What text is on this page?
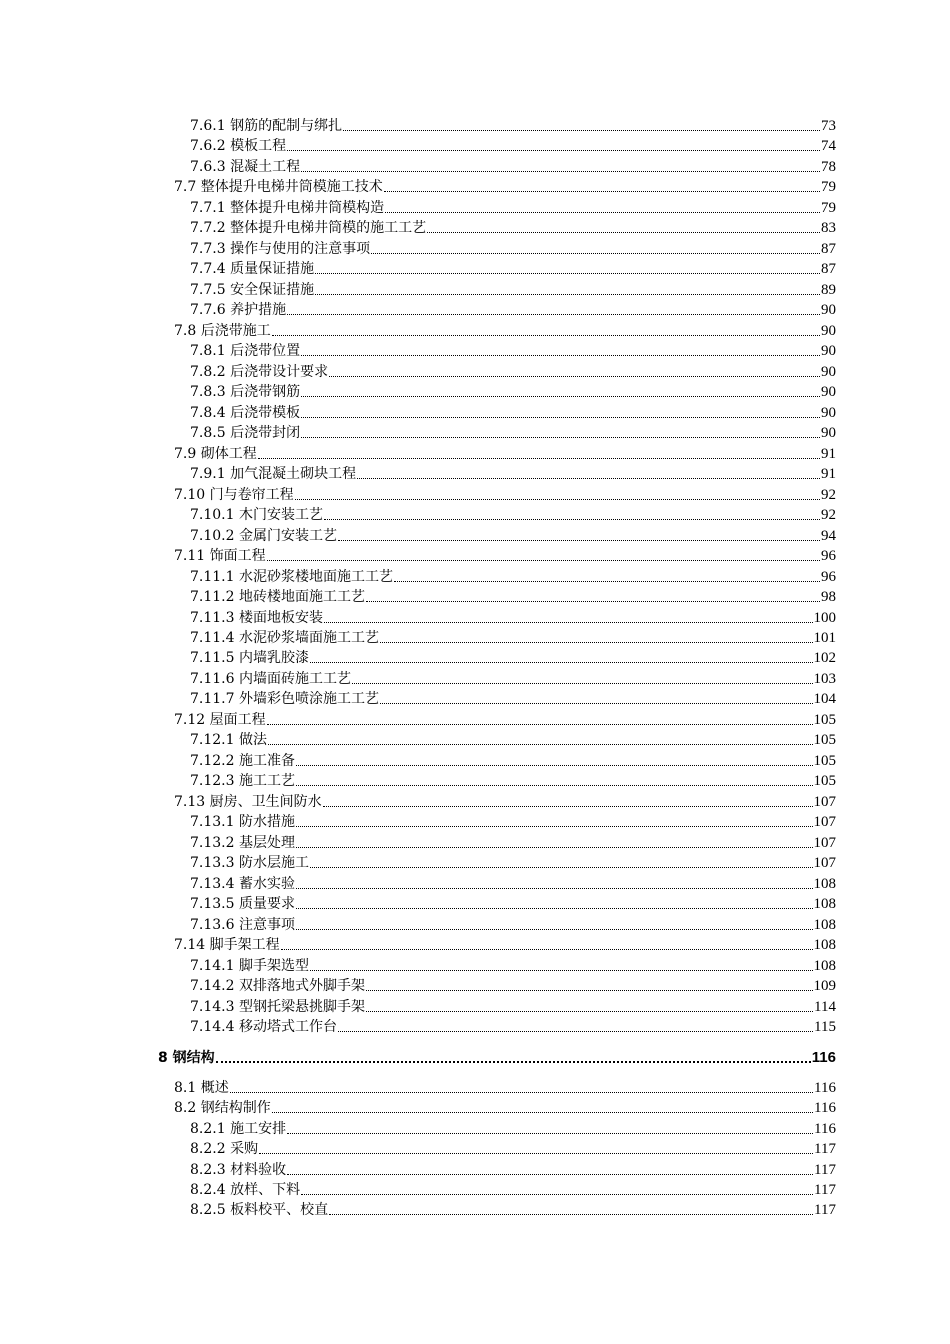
7.6.1 钢筋的配制与绑扎	73
7.6.2 模板工程	74
7.6.3 混凝土工程	78
7.7 整体提升电梯井筒模施工技术	79
7.7.1 整体提升电梯井筒模构造	79
7.7.2 整体提升电梯井筒模的施工工艺	83
7.7.3 操作与使用的注意事项	87
7.7.4 质量保证措施	87
7.7.5 安全保证措施	89
7.7.6 养护措施	90
7.8 后浇带施工	90
7.8.1 后浇带位置	90
7.8.2 后浇带设计要求	90
7.8.3 后浇带钢筋	90
7.8.4 后浇带模板	90
7.8.5 后浇带封闭	90
7.9 砌体工程	91
7.9.1 加气混凝土砌块工程	91
7.10 门与卷帘工程	92
7.10.1 木门安装工艺	92
7.10.2 金属门安装工艺	94
7.11 饰面工程	96
7.11.1 水泥砂浆楼地面施工工艺	96
7.11.2 地砖楼地面施工工艺	98
7.11.3 楼面地板安装	100
7.11.4 水泥砂浆墙面施工工艺	101
7.11.5 内墙乳胶漆	102
7.11.6 内墙面砖施工工艺	103
7.11.7 外墙彩色喷涂施工工艺	104
7.12 屋面工程	105
7.12.1 做法	105
7.12.2 施工准备	105
7.12.3 施工工艺	105
7.13 厨房、卫生间防水	107
7.13.1 防水措施	107
7.13.2 基层处理	107
7.13.3 防水层施工	107
7.13.4 蓄水实验	108
7.13.5 质量要求	108
7.13.6 注意事项	108
7.14 脚手架工程	108
7.14.1 脚手架选型	108
7.14.2 双排落地式外脚手架	109
7.14.3 型钢托梁悬挑脚手架	114
7.14.4 移动塔式工作台	115
8 钢结构	116
8.1 概述	116
8.2 钢结构制作	116
8.2.1 施工安排	116
8.2.2 采购	117
8.2.3 材料验收	117
8.2.4 放样、下料	117
8.2.5 板料校平、校直	117
